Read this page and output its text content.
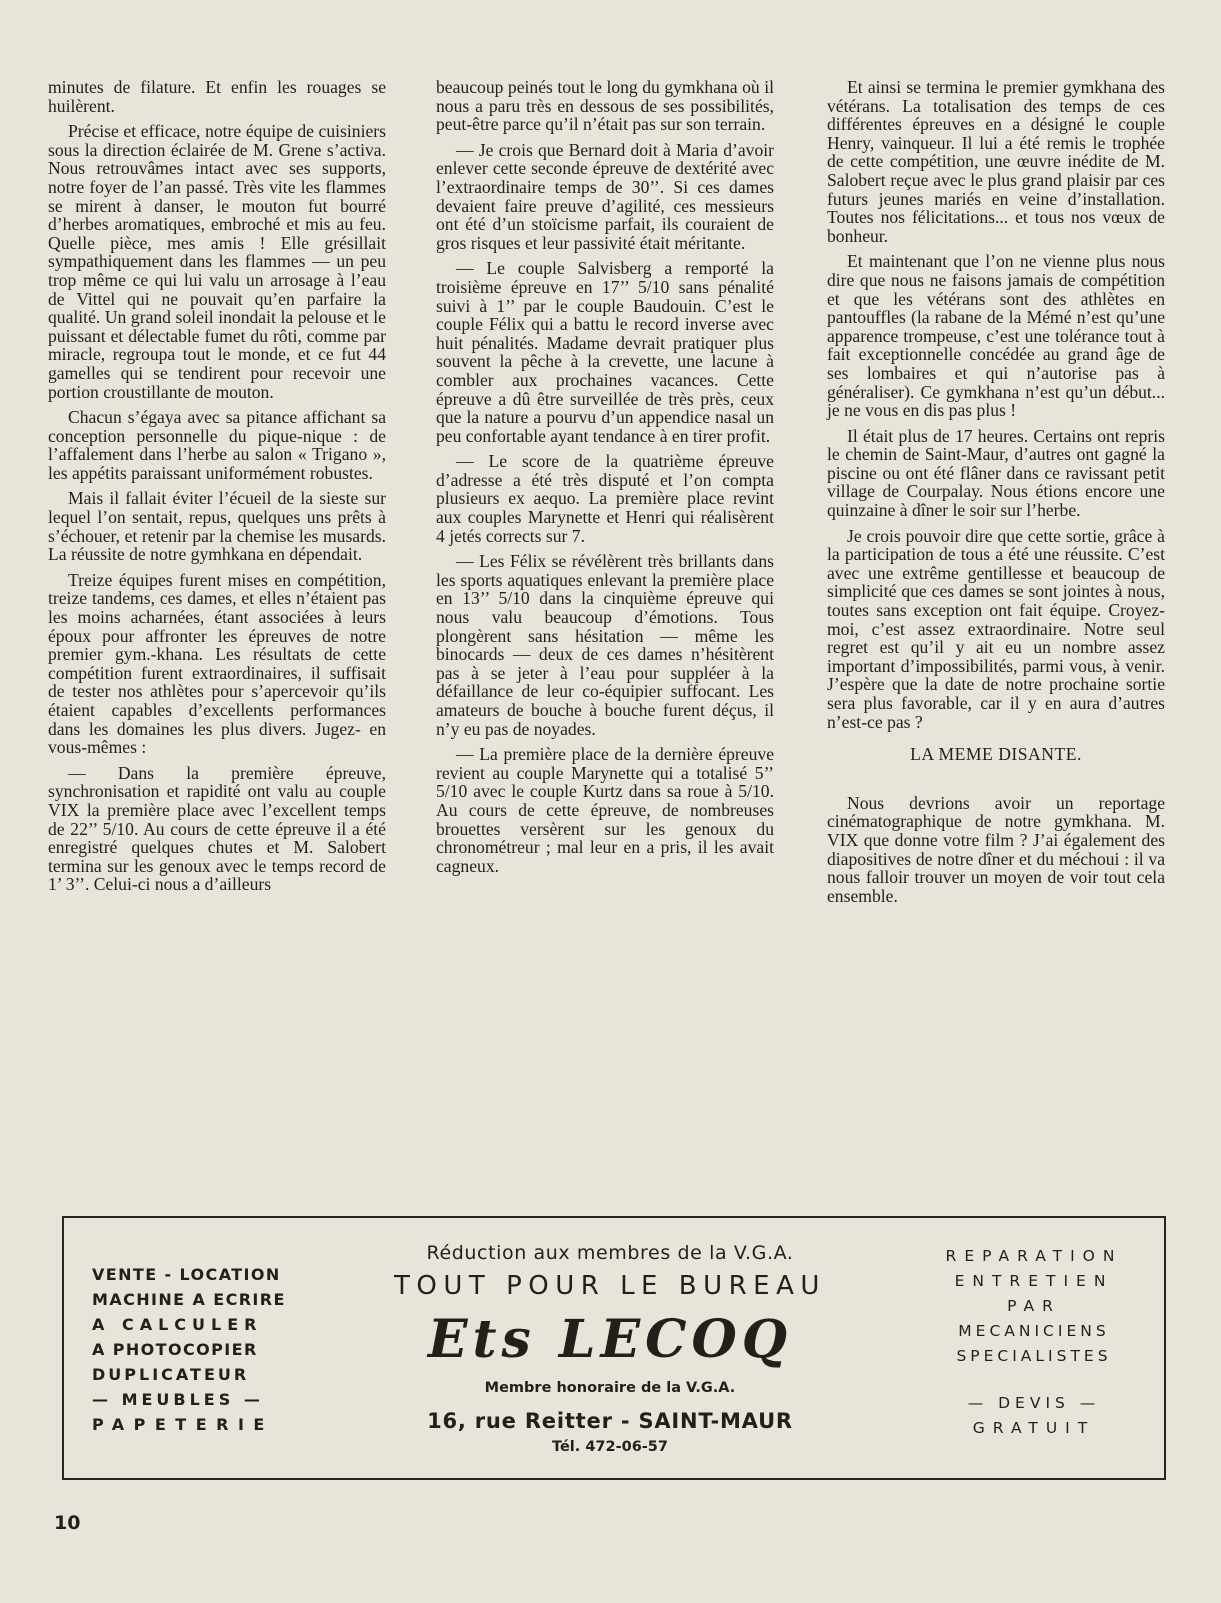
minutes de filature. Et enfin les rouages se huilèrent.

Précise et efficace, notre équipe de cuisiniers sous la direction éclairée de M. Grene s’activa. Nous retrouvâmes intact avec ses supports, notre foyer de l’an passé. Très vite les flammes se mirent à danser, le mouton fut bourré d’herbes aromatiques, embroché et mis au feu. Quelle pièce, mes amis ! Elle grésillait sympathiquement dans les flammes — un peu trop même ce qui lui valu un arrosage à l’eau de Vittel qui ne pouvait qu’en parfaire la qualité. Un grand soleil inondait la pelouse et le puissant et délectable fumet du rôti, comme par miracle, regroupa tout le monde, et ce fut 44 gamelles qui se tendirent pour recevoir une portion croustillante de mouton.

Chacun s’égaya avec sa pitance affichant sa conception personnelle du pique-nique : de l’affalement dans l’herbe au salon « Trigano », les appétits paraissant uniformément robustes.

Mais il fallait éviter l’écueil de la sieste sur lequel l’on sentait, repus, quelques uns prêts à s’échouer, et retenir par la chemise les musards. La réussite de notre gymhkana en dépendait.

Treize équipes furent mises en compétition, treize tandems, ces dames, et elles n’étaient pas les moins acharnées, étant associées à leurs époux pour affronter les épreuves de notre premier gym.-khana. Les résultats de cette compétition furent extraordinaires, il suffisait de tester nos athlètes pour s’apercevoir qu’ils étaient capables d’excellents performances dans les domaines les plus divers. Jugez- en vous-mêmes :

— Dans la première épreuve, synchronisation et rapidité ont valu au couple VIX la première place avec l’excellent temps de 22’’ 5/10. Au cours de cette épreuve il a été enregistré quelques chutes et M. Salobert termina sur les genoux avec le temps record de 1’ 3’’. Celui-ci nous a d’ailleurs

beaucoup peinés tout le long du gymkhana où il nous a paru très en dessous de ses possibilités, peut-être parce qu’il n’était pas sur son terrain.

— Je crois que Bernard doit à Maria d’avoir enlever cette seconde épreuve de dextérité avec l’extraordinaire temps de 30’’. Si ces dames devaient faire preuve d’agilité, ces messieurs ont été d’un stoïcisme parfait, ils couraient de gros risques et leur passivité était méritante.

— Le couple Salvisberg a remporté la troisième épreuve en 17’’ 5/10 sans pénalité suivi à 1’’ par le couple Baudouin. C’est le couple Félix qui a battu le record inverse avec huit pénalités. Madame devrait pratiquer plus souvent la pêche à la crevette, une lacune à combler aux prochaines vacances. Cette épreuve a dû être surveillée de très près, ceux que la nature a pourvu d’un appendice nasal un peu confortable ayant tendance à en tirer profit.

— Le score de la quatrième épreuve d’adresse a été très disputé et l’on compta plusieurs ex aequo. La première place revint aux couples Marynette et Henri qui réalisèrent 4 jetés corrects sur 7.

— Les Félix se révélèrent très brillants dans les sports aquatiques enlevant la première place en 13’’ 5/10 dans la cinquième épreuve qui nous valu beaucoup d’émotions. Tous plongèrent sans hésitation — même les binocards — deux de ces dames n’hésitèrent pas à se jeter à l’eau pour suppléer à la défaillance de leur co-équipier suffocant. Les amateurs de bouche à bouche furent déçus, il n’y eu pas de noyades.

— La première place de la dernière épreuve revient au couple Marynette qui a totalisé 5’’ 5/10 avec le couple Kurtz dans sa roue à 5/10. Au cours de cette épreuve, de nombreuses brouettes versèrent sur les genoux du chronométreur ; mal leur en a pris, il les avait cagneux.

Et ainsi se termina le premier gymkhana des vétérans. La totalisation des temps de ces différentes épreuves en a désigné le couple Henry, vainqueur. Il lui a été remis le trophée de cette compétition, une œuvre inédite de M. Salobert reçue avec le plus grand plaisir par ces futurs jeunes mariés en veine d’installation. Toutes nos félicitations... et tous nos vœux de bonheur.

Et maintenant que l’on ne vienne plus nous dire que nous ne faisons jamais de compétition et que les vétérans sont des athlètes en pantouffles (la rabane de la Mémé n’est qu’une apparence trompeuse, c’est une tolérance tout à fait exceptionnelle concédée au grand âge de ses lombaires et qui n’autorise pas à généraliser). Ce gymkhana n’est qu’un début... je ne vous en dis pas plus !

Il était plus de 17 heures. Certains ont repris le chemin de Saint-Maur, d’autres ont gagné la piscine ou ont été flâner dans ce ravissant petit village de Courpalay. Nous étions encore une quinzaine à dîner le soir sur l’herbe.

Je crois pouvoir dire que cette sortie, grâce à la participation de tous a été une réussite. C’est avec une extrême gentillesse et beaucoup de simplicité que ces dames se sont jointes à nous, toutes sans exception ont fait équipe. Croyez-moi, c’est assez extraordinaire. Notre seul regret est qu’il y ait eu un nombre assez important d’impossibilités, parmi vous, à venir. J’espère que la date de notre prochaine sortie sera plus favorable, car il y en aura d’autres n’est-ce pas ?

LA MEME DISANTE.

Nous devrions avoir un reportage cinématographique de notre gymkhana. M. VIX que donne votre film ? J’ai également des diapositives de notre dîner et du méchoui : il va nous falloir trouver un moyen de voir tout cela ensemble.

VENTE - LOCATION
MACHINE A ECRIRE
A CALCULER
A PHOTOCOPIER
DUPLICATEUR
— MEUBLES —
PAPETERIE
Réduction aux membres de la V.G.A.
TOUT POUR LE BUREAU
Ets LECOQ
Membre honoraire de la V.G.A.
16, rue Reitter - SAINT-MAUR
Tél. 472-06-57
REPARATION
ENTRETIEN
PAR
MECANICIENS
SPECIALISTES
— DEVIS —
GRATUIT
10
